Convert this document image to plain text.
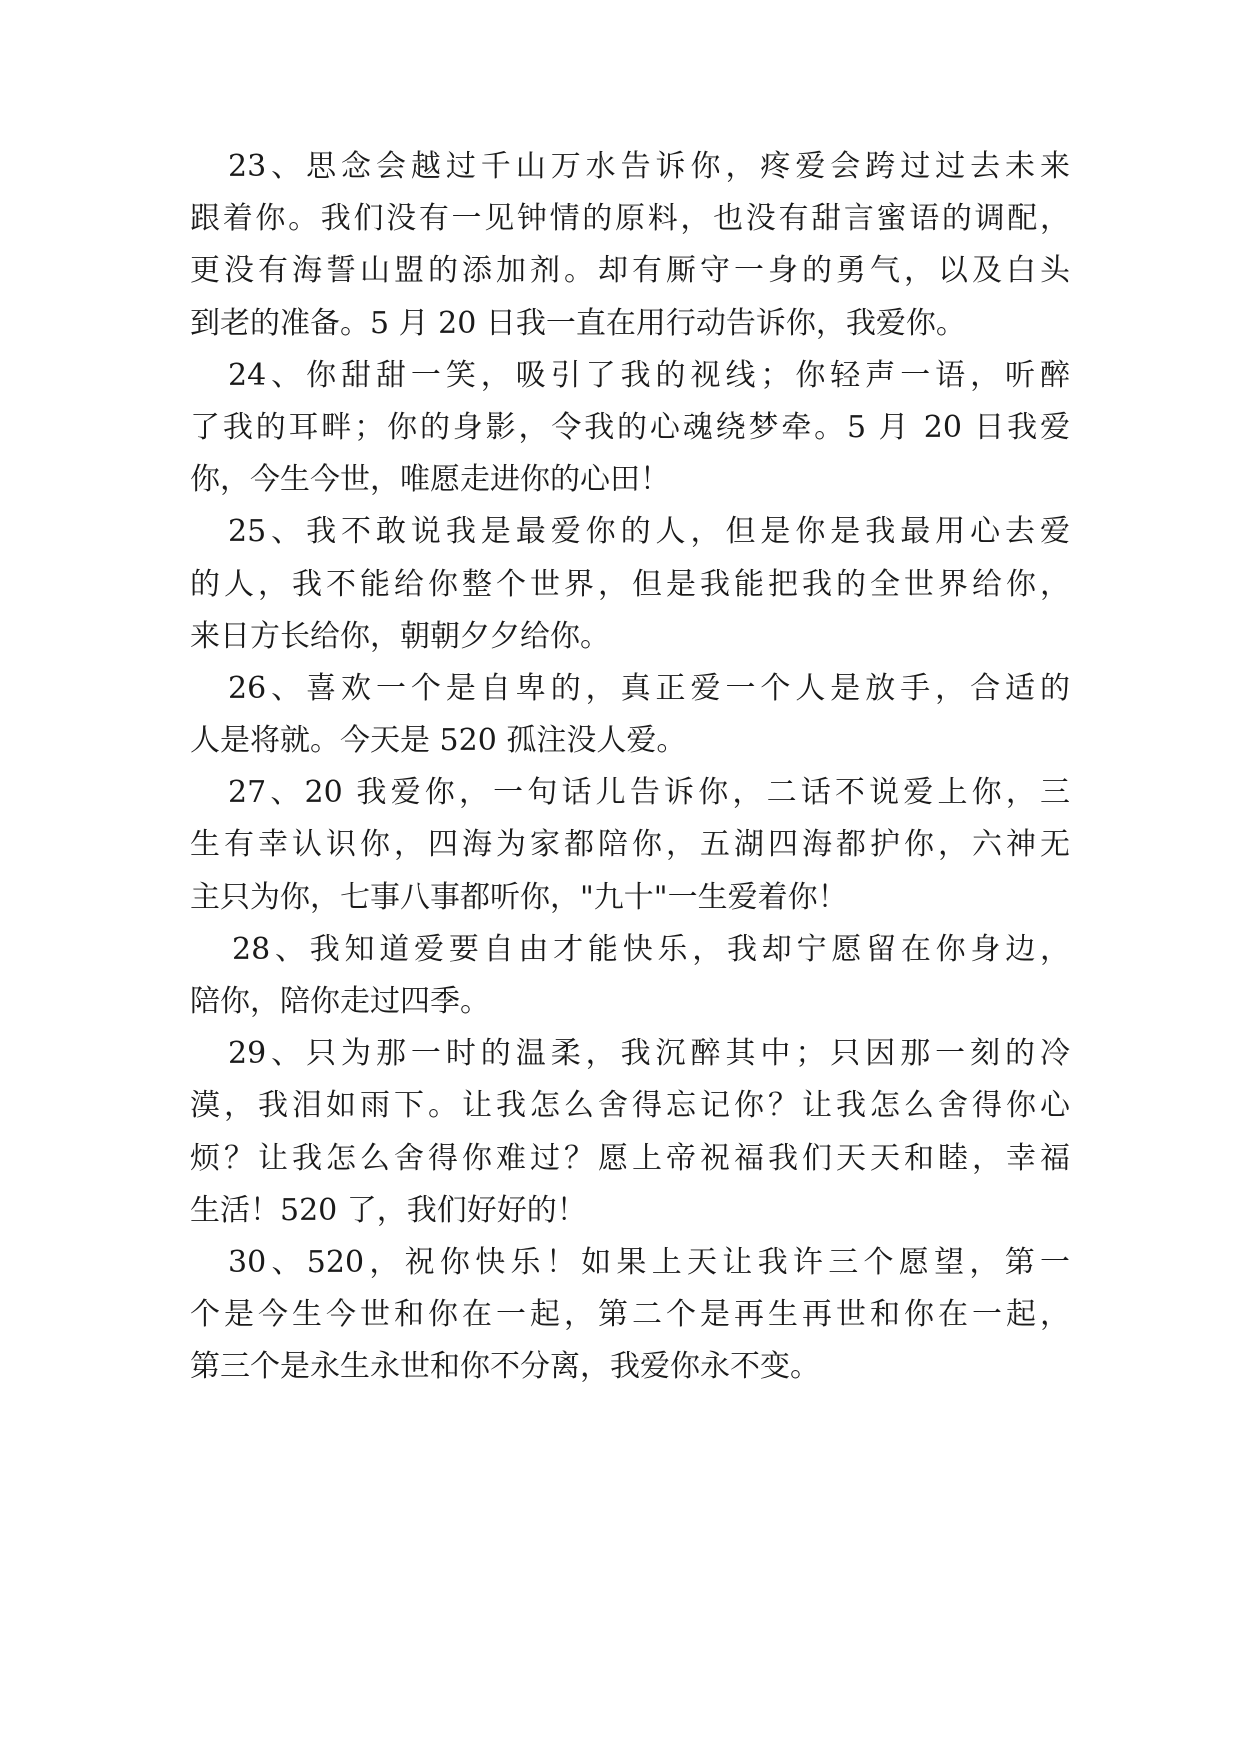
23、思念会越过千山万水告诉你，疼爱会跨过过去未来
跟着你。我们没有一见钟情的原料，也没有甜言蜜语的调配，
更没有海誓山盟的添加剂。却有厮守一身的勇气，以及白头
到老的准备。5 月 20 日我一直在用行动告诉你，我爱你。
24、你甜甜一笑，吸引了我的视线；你轻声一语，听醉
了我的耳畔；你的身影，令我的心魂绕梦牵。5 月 20 日我爱
你，今生今世，唯愿走进你的心田！
25、我不敢说我是最爱你的人，但是你是我最用心去爱
的人，我不能给你整个世界，但是我能把我的全世界给你，
来日方长给你，朝朝夕夕给你。
26、喜欢一个是自卑的，真正爱一个人是放手，合适的
人是将就。今天是 520 孤注没人爱。
27、20 我爱你，一句话儿告诉你，二话不说爱上你，三
生有幸认识你，四海为家都陪你，五湖四海都护你，六神无
主只为你，七事八事都听你，"九十"一生爱着你！
28、我知道爱要自由才能快乐，我却宁愿留在你身边，
陪你，陪你走过四季。
29、只为那一时的温柔，我沉醉其中；只因那一刻的冷
漠，我泪如雨下。让我怎么舍得忘记你？让我怎么舍得你心
烦？让我怎么舍得你难过？愿上帝祝福我们天天和睦，幸福
生活！520 了，我们好好的！
30、520，祝你快乐！如果上天让我许三个愿望，第一
个是今生今世和你在一起，第二个是再生再世和你在一起，
第三个是永生永世和你不分离，我爱你永不变。
